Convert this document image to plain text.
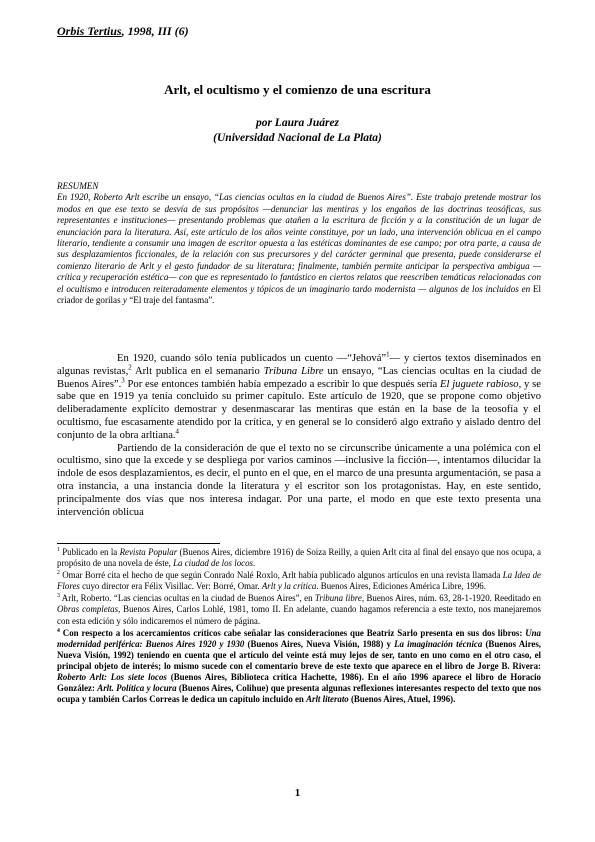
Orbis Tertius, 1998, III (6)
Arlt, el ocultismo y el comienzo de una escritura
por Laura Juárez
(Universidad Nacional de La Plata)
RESUMEN
En 1920, Roberto Arlt escribe un ensayo, “Las ciencias ocultas en la ciudad de Buenos Aires”. Este trabajo pretende mostrar los modos en que ese texto se desvía de sus propósitos —denunciar las mentiras y los engaños de las doctrinas teosóficas, sus representantes e instituciones— presentando problemas que atañen a la escritura de ficción y a la constitución de un lugar de enunciación para la literatura. Así, este artículo de los años veinte constituye, por un lado, una intervención oblicua en el campo literario, tendiente a consumir una imagen de escritor opuesta a las estéticas dominantes de ese campo; por otra parte, a causa de sus desplazamientos ficcionales, de la relación con sus precursores y del carácter germinal que presenta, puede considerarse el comienzo literario de Arlt y el gesto fundador de su literatura; finalmente, también permite anticipar la perspectiva ambigua —crítica y recuperación estética— con que es representado lo fantástico en ciertos relatos que reescriben temáticas relacionadas con el ocultismo e introducen reiteradamente elementos y tópicos de un imaginario tardo modernista — algunos de los incluidos en El criador de gorilas y “El traje del fantasma”.

En 1920, cuando sólo tenía publicados un cuento —“Jehová”$^1$— y ciertos textos diseminados en algunas revistas,$^2$ Arlt publica en el semanario Tribuna Libre un ensayo, “Las ciencias ocultas en la ciudad de Buenos Aires”.$^3$ Por ese entonces también había empezado a escribir lo que después sería El juguete rabioso, y se sabe que en 1919 ya tenía concluido su primer capítulo. Este artículo de 1920, que se propone como objetivo deliberadamente explícito demostrar y desenmascarar las mentiras que están en la base de la teosofía y el ocultismo, fue escasamente atendido por la crítica, y en general se lo consideró algo extraño y aislado dentro del conjunto de la obra arltiana.$^4$

Partiendo de la consideración de que el texto no se circunscribe únicamente a una polémica con el ocultismo, sino que la excede y se despliega por varios caminos —inclusive la ficción—, intentamos dilucidar la índole de esos desplazamientos, es decir, el punto en el que, en el marco de una presunta argumentación, se pasa a otra instancia, a una instancia donde la literatura y el escritor son los protagonistas. Hay, en este sentido, principalmente dos vías que nos interesa indagar. Por una parte, el modo en que este texto presenta una intervención oblicua

$^1$ Publicado en la Revista Popular (Buenos Aires, diciembre 1916) de Soiza Reilly, a quien Arlt cita al final del ensayo que nos ocupa, a propósito de una novela de éste, La ciudad de los locos.

$^2$ Omar Borré cita el hecho de que según Conrado Nalé Roxlo, Arlt había publicado algunos artículos en una revista llamada La Idea de Flores cuyo director era Félix Visillac. Ver: Borré, Omar. Arlt y la crítica. Buenos Aires, Ediciones América Libre, 1996.

$^3$ Arlt, Roberto. “Las ciencias ocultas en la ciudad de Buenos Aires”, en Tribuna libre, Buenos Aires, núm. 63, 28-1-1920. Reeditado en Obras completas, Buenos Aires, Carlos Lohlé, 1981, tomo II. En adelante, cuando hagamos referencia a este texto, nos manejaremos con esta edición y sólo indicaremos el número de página.

$^4$ Con respecto a los acercamientos críticos cabe señalar las consideraciones que Beatriz Sarlo presenta en sus dos libros: Una modernidad periférica: Buenos Aires 1920 y 1930 (Buenos Aires, Nueva Visión, 1988) y La imaginación técnica (Buenos Aires, Nueva Visión, 1992) teniendo en cuenta que el artículo del veinte está muy lejos de ser, tanto en uno como en el otro caso, el principal objeto de interés; lo mismo sucede con el comentario breve de este texto que aparece en el libro de Jorge B. Rivera: Roberto Arlt: Los siete locos (Buenos Aires, Biblioteca crítica Hachette, 1986). En el año 1996 aparece el libro de Horacio González: Arlt. Política y locura (Buenos Aires, Colihue) que presenta algunas reflexiones interesantes respecto del texto que nos ocupa y también Carlos Correas le dedica un capítulo incluido en Arlt literato (Buenos Aires, Atuel, 1996).

1
